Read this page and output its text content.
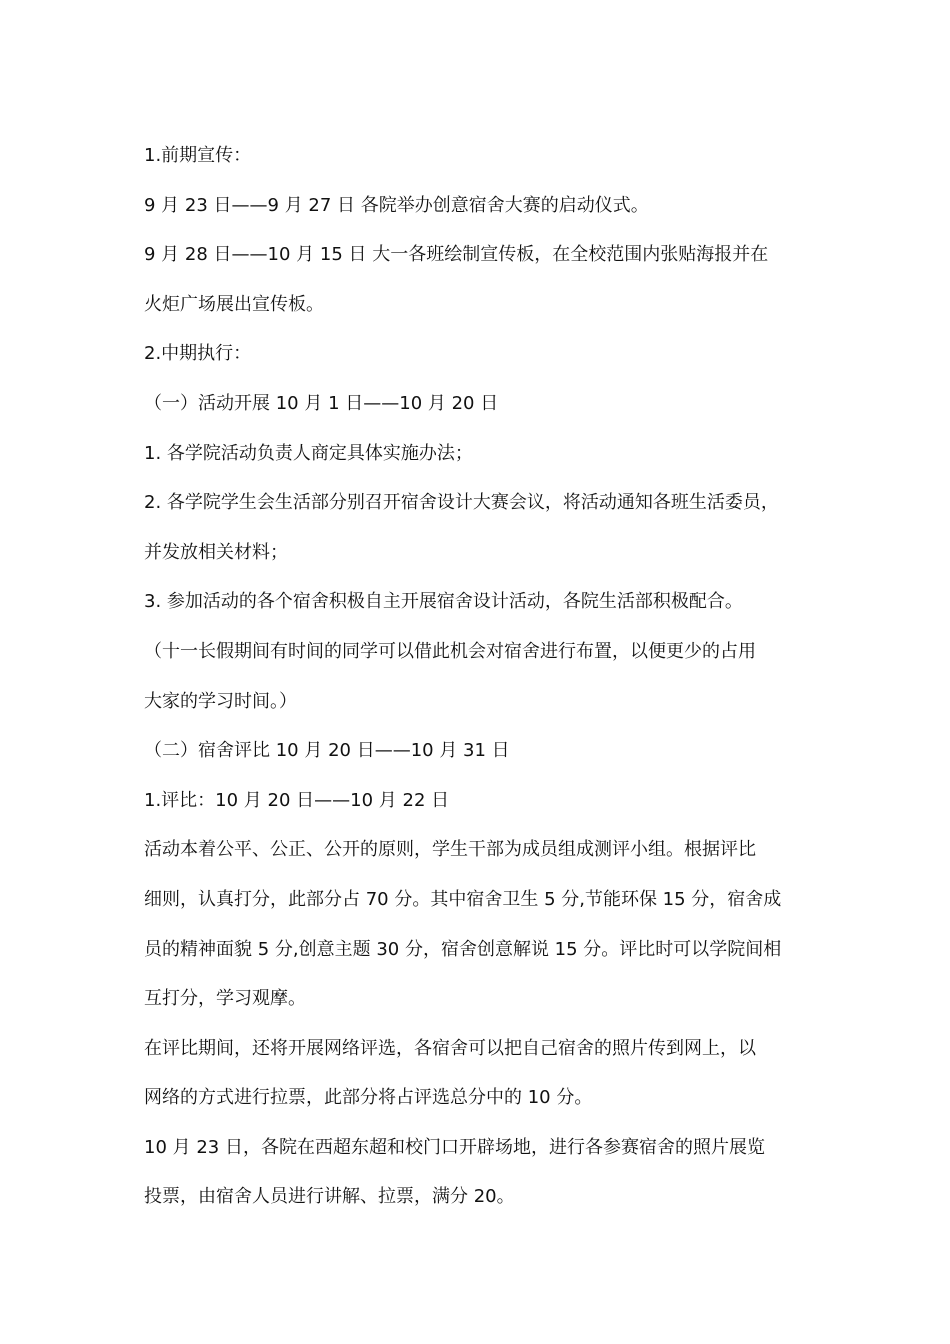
1.前期宣传：
9 月 23 日——9 月 27 日 各院举办创意宿舍大赛的启动仪式。
9 月 28 日——10 月 15 日 大一各班绘制宣传板，在全校范围内张贴海报并在
火炬广场展出宣传板。
2.中期执行：
（一）活动开展 10 月 1 日——10 月 20 日
1. 各学院活动负责人商定具体实施办法；
2. 各学院学生会生活部分别召开宿舍设计大赛会议，将活动通知各班生活委员，
并发放相关材料；
3. 参加活动的各个宿舍积极自主开展宿舍设计活动，各院生活部积极配合。
（十一长假期间有时间的同学可以借此机会对宿舍进行布置，以便更少的占用
大家的学习时间。）
（二）宿舍评比 10 月 20 日——10 月 31 日
1.评比：10 月 20 日——10 月 22 日
活动本着公平、公正、公开的原则，学生干部为成员组成测评小组。根据评比
细则，认真打分，此部分占 70 分。其中宿舍卫生 5 分,节能环保 15 分，宿舍成
员的精神面貌 5 分,创意主题 30 分，宿舍创意解说 15 分。评比时可以学院间相
互打分，学习观摩。
在评比期间，还将开展网络评选，各宿舍可以把自己宿舍的照片传到网上，以
网络的方式进行拉票，此部分将占评选总分中的 10 分。
10 月 23 日，各院在西超东超和校门口开辟场地，进行各参赛宿舍的照片展览
投票，由宿舍人员进行讲解、拉票，满分 20。
